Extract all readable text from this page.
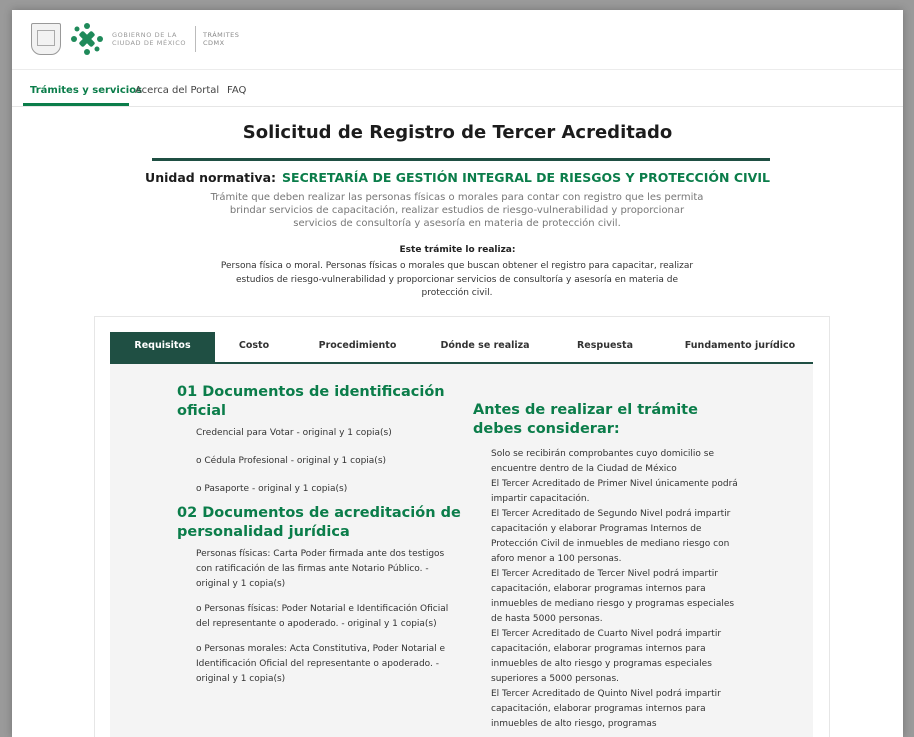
GOBIERNO DE LA
CIUDAD DE MÉXICO
TRÁMITES
CDMX
Trámites y servicios
Acerca del Portal FAQ
Solicitud de Registro de Tercer Acreditado
Unidad normativa: SECRETARÍA DE GESTIÓN INTEGRAL DE RIESGOS Y PROTECCIÓN CIVIL
Trámite que deben realizar las personas físicas o morales para contar con registro que les permita brindar servicios de capacitación, realizar estudios de riesgo-vulnerabilidad y proporcionar servicios de consultoría y asesoría en materia de protección civil.
Este trámite lo realiza:
Persona física o moral. Personas físicas o morales que buscan obtener el registro para capacitar, realizar estudios de riesgo-vulnerabilidad y proporcionar servicios de consultoría y asesoría en materia de protección civil.
Requisitos	Costo	Procedimiento	Dónde se realiza	Respuesta	Fundamento jurídico
01 Documentos de identificación oficial
Credencial para Votar - original y 1 copia(s)
o Cédula Profesional - original y 1 copia(s)
o Pasaporte - original y 1 copia(s)
02 Documentos de acreditación de personalidad jurídica
Personas físicas: Carta Poder firmada ante dos testigos con ratificación de las firmas ante Notario Público. - original y 1 copia(s)
o Personas físicas: Poder Notarial e Identificación Oficial del representante o apoderado. - original y 1 copia(s)
o Personas morales: Acta Constitutiva, Poder Notarial e Identificación Oficial del representante o apoderado. - original y 1 copia(s)
Antes de realizar el trámite debes considerar:
Solo se recibirán comprobantes cuyo domicilio se encuentre dentro de la Ciudad de México
El Tercer Acreditado de Primer Nivel únicamente podrá impartir capacitación.
El Tercer Acreditado de Segundo Nivel podrá impartir capacitación y elaborar Programas Internos de Protección Civil de inmuebles de mediano riesgo con aforo menor a 100 personas.
El Tercer Acreditado de Tercer Nivel podrá impartir capacitación, elaborar programas internos para inmuebles de mediano riesgo y programas especiales de hasta 5000 personas.
El Tercer Acreditado de Cuarto Nivel podrá impartir capacitación, elaborar programas internos para inmuebles de alto riesgo y programas especiales superiores a 5000 personas.
El Tercer Acreditado de Quinto Nivel podrá impartir capacitación, elaborar programas internos para inmuebles de alto riesgo, programas
